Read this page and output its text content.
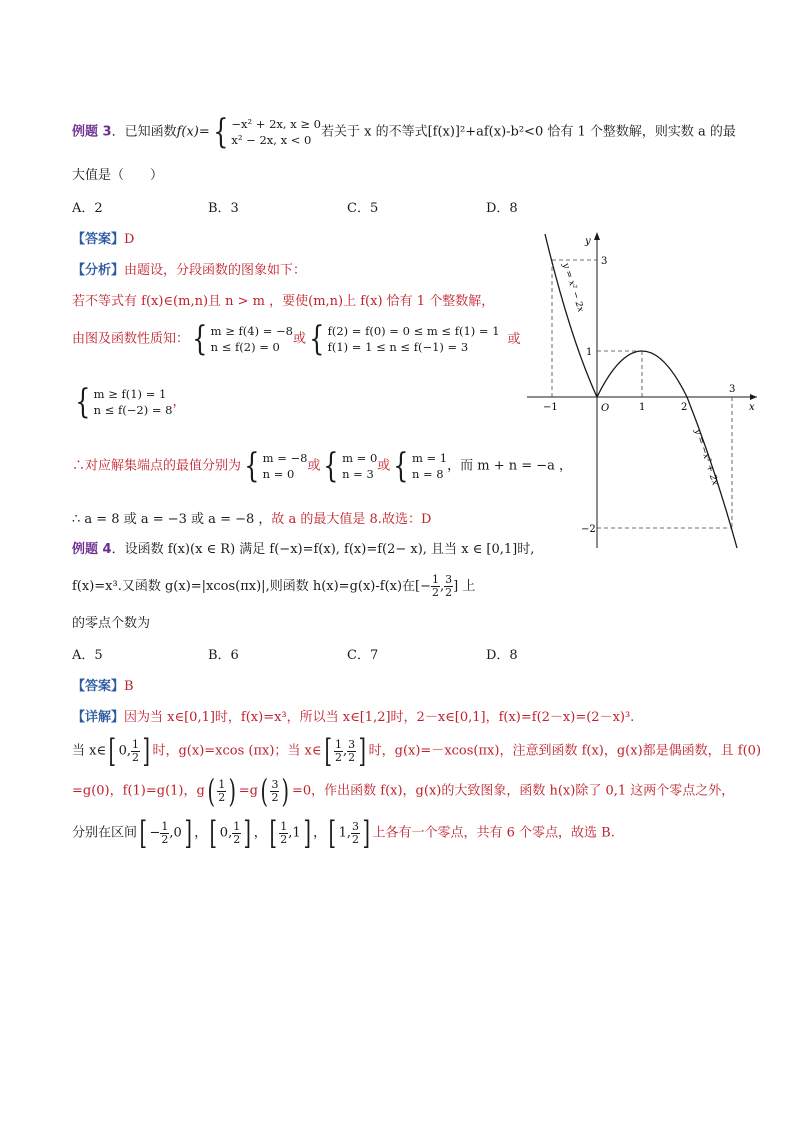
例题 3．已知函数f(x)={ −x² + 2x, x ≥ 0
x² − 2x, x < 0
若关于 x 的不等式[f(x)]²+af(x)-b²<0 恰有 1 个整数解，则实数 a 的最
大值是（　　）
A．2	B．3	C．5	D．8
【答案】D
【分析】由题设，分段函数的图象如下：
若不等式有 f(x)∈(m,n)且 n > m ，要使(m,n)上 f(x) 恰有 1 个整数解，
由图及函数性质知：{ m ≥ f(4) = −8
n ≤ f(2) = 0
或{ f(2) = f(0) = 0 ≤ m ≤ f(1) = 1
f(1) = 1 ≤ n ≤ f(−1) = 3
或
{ m ≥ f(1) = 1
n ≤ f(−2) = 8
，
∴对应解集端点的最值分别为{ m = −8
n = 0
或{ m = 0
n = 3
或{ m = 1
n = 8
，而 m + n = −a ，
∴ a = 8 或 a = −3 或 a = −8 ，故 a 的最大值是 8.故选：D
y
x
O
−1	1	2
3
3
1
−2
y = x² − 2x
y = −x² + 2x
例题 4．设函数 f(x)(x ∈ R) 满足 f(−x)=f(x), f(x)=f(2− x), 且当 x ∈ [0,1]时,
f(x)=x³.又函数 g(x)=|xcos(πx)|,则函数 h(x)=g(x)-f(x)在[− $\frac{1}{2}$ , $\frac{3}{2}$ ] 上
的零点个数为
A．5	B．6	C．7	D．8
【答案】B
【详解】因为当 x∈[0,1]时，f(x)=x³，所以当 x∈[1,2]时，2－x∈[0,1]，f(x)=f(2－x)=(2－x)³.
当 x∈[ 0, $\frac{1}{2}$ ] 时，g(x)=xcos (πx)；当 x∈[ $\frac{1}{2}$ , $\frac{3}{2}$ ] 时，g(x)=－xcos(πx)，注意到函数 f(x)，g(x)都是偶函数，且 f(0)
=g(0)，f(1)=g(1)，$g( \frac{1}{2}$ ) $=g( \frac{3}{2}$ ) =0，作出函数 f(x)，g(x)的大致图象，函数 h(x)除了 0,1 这两个零点之外，
分别在区间[ − $\frac{1}{2} ,0$] ，[ 0, $\frac{1}{2}$ ] ，[ $\frac{1}{2} ,1$] ，[ 1, $\frac{3}{2}$ ] 上各有一个零点，共有 6 个零点，故选 B.
